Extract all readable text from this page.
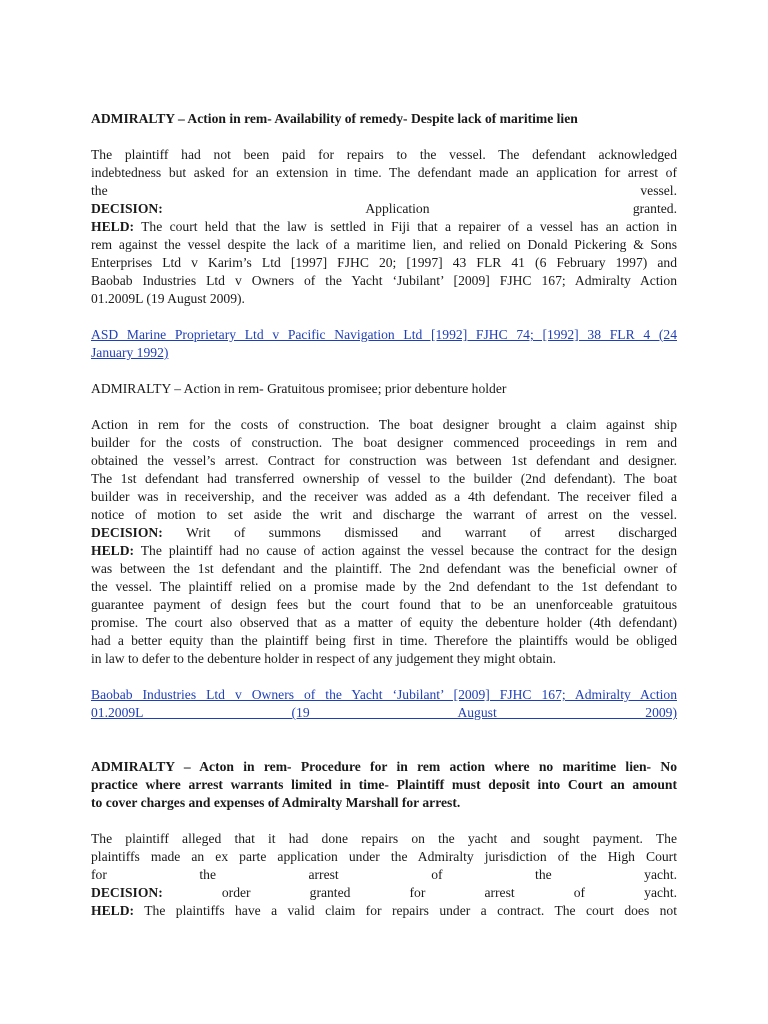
ADMIRALTY – Action in rem- Availability of remedy- Despite lack of maritime lien
The plaintiff had not been paid for repairs to the vessel. The defendant acknowledged
indebtedness but asked for an extension in time. The defendant made an application for arrest of
the vessel.
DECISION:	Application granted.
HELD: The court held that the law is settled in Fiji that a repairer of a vessel has an action in
rem against the vessel despite the lack of a maritime lien, and relied on Donald Pickering & Sons
Enterprises Ltd v Karim’s Ltd [1997] FJHC 20; [1997] 43 FLR 41 (6 February 1997) and
Baobab Industries Ltd v Owners of the Yacht ‘Jubilant’ [2009] FJHC 167; Admiralty Action
01.2009L (19 August 2009).
ASD Marine Proprietary Ltd v Pacific Navigation Ltd [1992] FJHC 74; [1992] 38 FLR 4 (24
January 1992)
ADMIRALTY – Action in rem- Gratuitous promisee; prior debenture holder
Action in rem for the costs of construction. The boat designer brought a claim against ship
builder for the costs of construction. The boat designer commenced proceedings in rem and
obtained the vessel’s arrest. Contract for construction was between 1st defendant and designer.
The 1st defendant had transferred ownership of vessel to the builder (2nd defendant). The boat
builder was in receivership, and the receiver was added as a 4th defendant. The receiver filed a
notice of motion to set aside the writ and discharge the warrant of arrest on the vessel.
DECISION: Writ of summons dismissed and warrant of arrest discharged
HELD: The plaintiff had no cause of action against the vessel because the contract for the design
was between the 1st defendant and the plaintiff. The 2nd defendant was the beneficial owner of
the vessel. The plaintiff relied on a promise made by the 2nd defendant to the 1st defendant to
guarantee payment of design fees but the court found that to be an unenforceable gratuitous
promise. The court also observed that as a matter of equity the debenture holder (4th defendant)
had a better equity than the plaintiff being first in time. Therefore the plaintiffs would be obliged
in law to defer to the debenture holder in respect of any judgement they might obtain.
Baobab Industries Ltd v Owners of the Yacht ‘Jubilant’ [2009] FJHC 167; Admiralty Action
01.2009L (19 August 2009)
ADMIRALTY – Acton in rem- Procedure for in rem action where no maritime lien- No
practice where arrest warrants limited in time- Plaintiff must deposit into Court an amount
to cover charges and expenses of Admiralty Marshall for arrest.
The plaintiff alleged that it had done repairs on the yacht and sought payment. The
plaintiffs made an ex parte application under the Admiralty jurisdiction of the High Court
for the arrest of the yacht.
DECISION:	order granted for arrest of yacht.
HELD: The plaintiffs have a valid claim for repairs under a contract. The court does not
